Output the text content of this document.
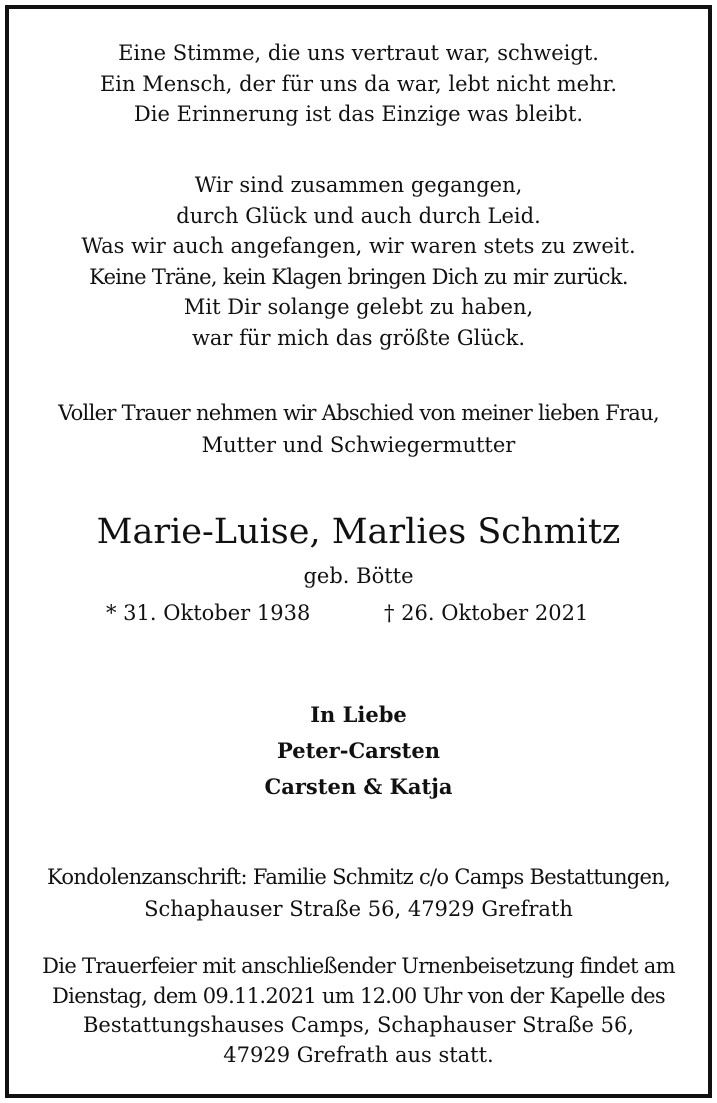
Eine Stimme, die uns vertraut war, schweigt.
Ein Mensch, der für uns da war, lebt nicht mehr.
Die Erinnerung ist das Einzige was bleibt.
Wir sind zusammen gegangen,
durch Glück und auch durch Leid.
Was wir auch angefangen, wir waren stets zu zweit.
Keine Träne, kein Klagen bringen Dich zu mir zurück.
Mit Dir solange gelebt zu haben,
war für mich das größte Glück.
Voller Trauer nehmen wir Abschied von meiner lieben Frau,
Mutter und Schwiegermutter
Marie-Luise, Marlies Schmitz
geb. Bötte
* 31. Oktober 1938	† 26. Oktober 2021
In Liebe
Peter-Carsten
Carsten & Katja
Kondolenzanschrift: Familie Schmitz c/o Camps Bestattungen,
Schaphauser Straße 56, 47929 Grefrath
Die Trauerfeier mit anschließender Urnenbeisetzung findet am
Dienstag, dem 09.11.2021 um 12.00 Uhr von der Kapelle des
Bestattungshauses Camps, Schaphauser Straße 56,
47929 Grefrath aus statt.
